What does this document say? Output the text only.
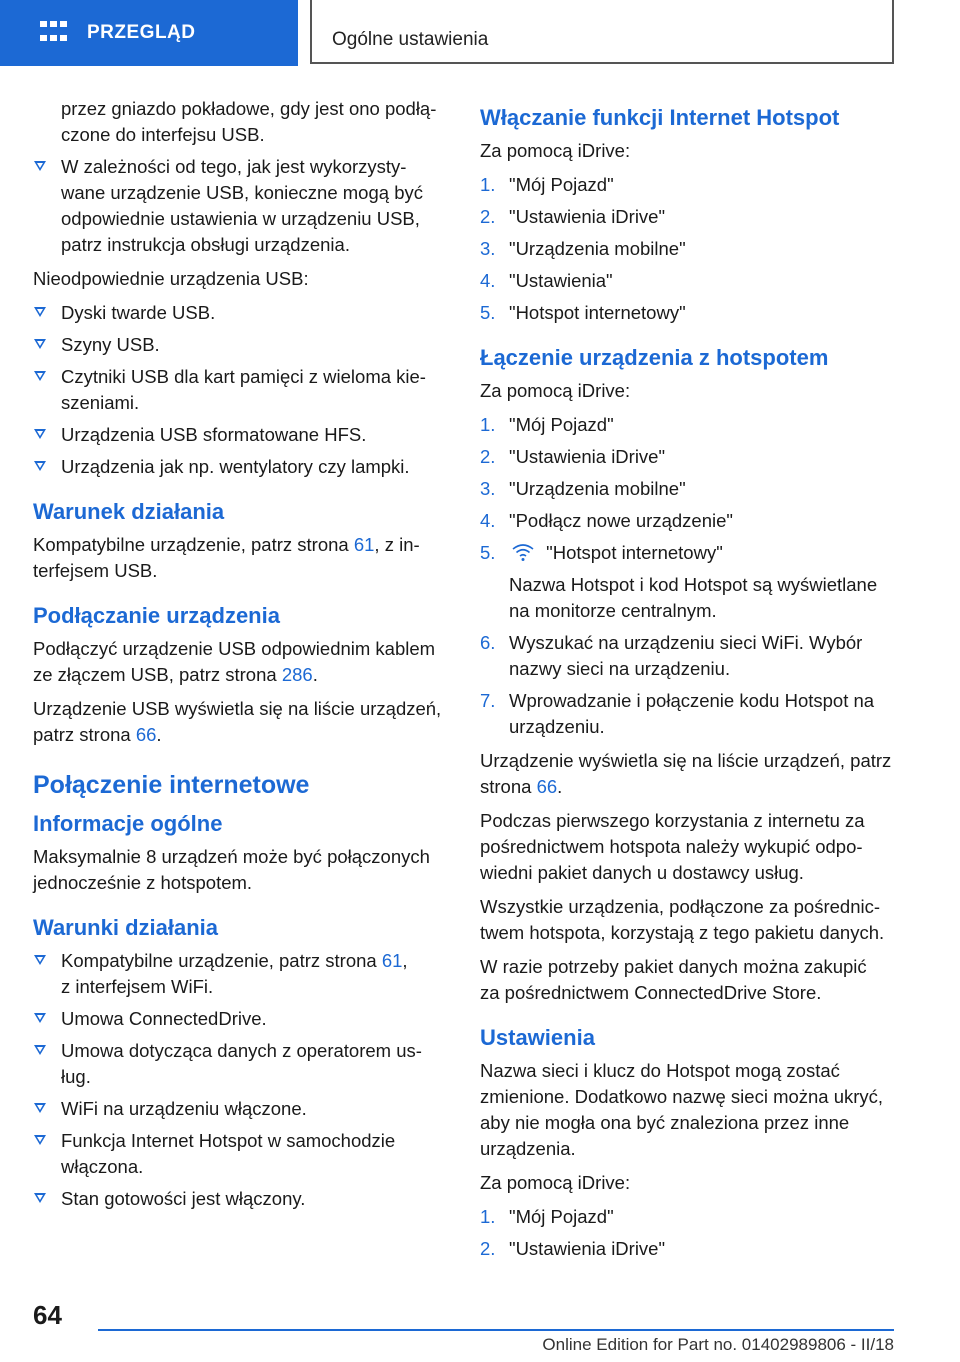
PRZEGLĄD	Ogólne ustawienia
przez gniazdo pokładowe, gdy jest ono podłą-
czone do interfejsu USB.
W zależności od tego, jak jest wykorzysty-
wane urządzenie USB, konieczne mogą być
odpowiednie ustawienia w urządzeniu USB,
patrz instrukcja obsługi urządzenia.

Nieodpowiednie urządzenia USB:

Dyski twarde USB.
Szyny USB.
Czytniki USB dla kart pamięci z wieloma kie-
szeniami.
Urządzenia USB sformatowane HFS.
Urządzenia jak np. wentylatory czy lampki.
Warunek działania

Kompatybilne urządzenie, patrz strona 61, z in-
terfejsem USB.

Podłączanie urządzenia

Podłączyć urządzenie USB odpowiednim kablem
ze złączem USB, patrz strona 286.

Urządzenie USB wyświetla się na liście urządzeń,
patrz strona 66.

Połączenie internetowe
Informacje ogólne

Maksymalnie 8 urządzeń może być połączonych
jednocześnie z hotspotem.

Warunki działania
Kompatybilne urządzenie, patrz strona 61,
z interfejsem WiFi.
Umowa ConnectedDrive.
Umowa dotycząca danych z operatorem us-
ług.
WiFi na urządzeniu włączone.
Funkcja Internet Hotspot w samochodzie
włączona.
Stan gotowości jest włączony.
Włączanie funkcji Internet Hotspot

Za pomocą iDrive:

1. "Mój Pojazd"
2. "Ustawienia iDrive"
3. "Urządzenia mobilne"
4. "Ustawienia"
5. "Hotspot internetowy"
Łączenie urządzenia z hotspotem

Za pomocą iDrive:

1. "Mój Pojazd"
2. "Ustawienia iDrive"
3. "Urządzenia mobilne"
4. "Podłącz nowe urządzenie"
5.	"Hotspot internetowy"
Nazwa Hotspot i kod Hotspot są wyświetlane
na monitorze centralnym.
6. Wyszukać na urządzeniu sieci WiFi. Wybór
nazwy sieci na urządzeniu.
7. Wprowadzanie i połączenie kodu Hotspot na
urządzeniu.

Urządzenie wyświetla się na liście urządzeń, patrz
strona 66.

Podczas pierwszego korzystania z internetu za
pośrednictwem hotspota należy wykupić odpo-
wiedni pakiet danych u dostawcy usług.

Wszystkie urządzenia, podłączone za pośrednic-
twem hotspota, korzystają z tego pakietu danych.

W razie potrzeby pakiet danych można zakupić
za pośrednictwem ConnectedDrive Store.

Ustawienia

Nazwa sieci i klucz do Hotspot mogą zostać
zmienione. Dodatkowo nazwę sieci można ukryć,
aby nie mogła ona być znaleziona przez inne
urządzenia.

Za pomocą iDrive:

1. "Mój Pojazd"
2. "Ustawienia iDrive"
64
Online Edition for Part no. 01402989806 - II/18
